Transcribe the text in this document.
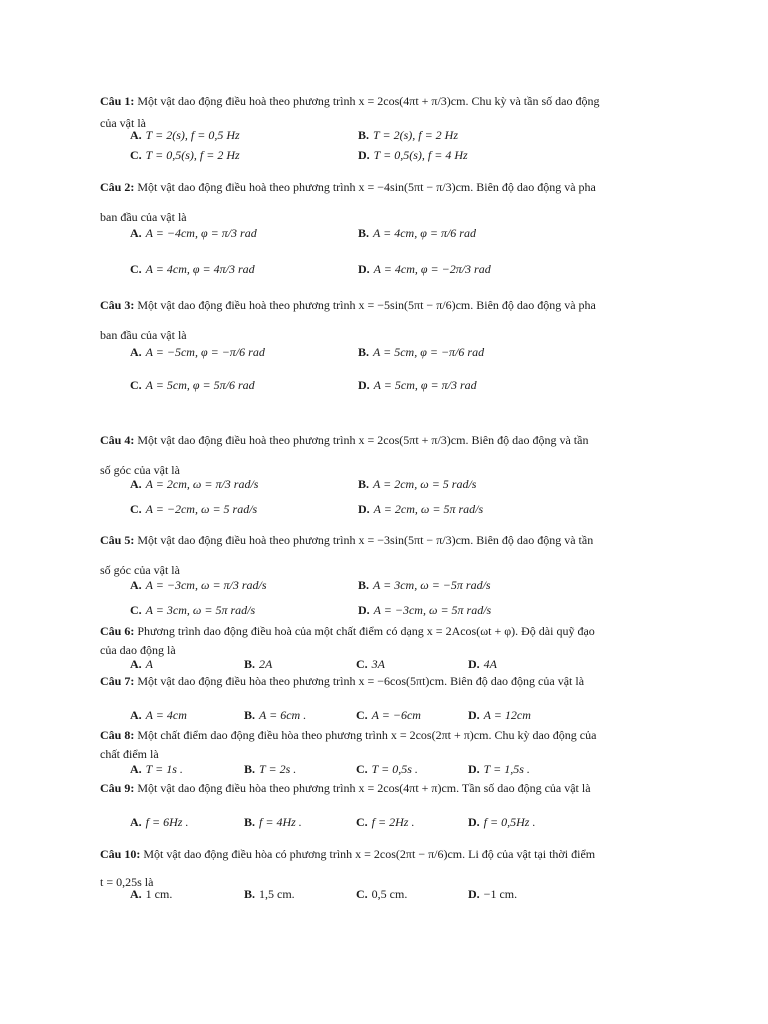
Câu 1: Một vật dao động điều hoà theo phương trình x = 2cos(4πt + π/3)cm. Chu kỳ và tần số dao động của vật là
A. T = 2(s), f = 0,5 Hz	B. T = 2(s), f = 2 Hz
C. T = 0,5(s), f = 2 Hz	D. T = 0,5(s), f = 4 Hz
Câu 2: Một vật dao động điều hoà theo phương trình x = −4sin(5πt − π/3)cm. Biên độ dao động và pha ban đầu của vật là
A. A = −4cm, φ = π/3 rad	B. A = 4cm, φ = π/6 rad
C. A = 4cm, φ = 4π/3 rad	D. A = 4cm, φ = −2π/3 rad
Câu 3: Một vật dao động điều hoà theo phương trình x = −5sin(5πt − π/6)cm. Biên độ dao động và pha ban đầu của vật là
A. A = −5cm, φ = −π/6 rad	B. A = 5cm, φ = −π/6 rad
C. A = 5cm, φ = 5π/6 rad	D. A = 5cm, φ = π/3 rad
Câu 4: Một vật dao động điều hoà theo phương trình x = 2cos(5πt + π/3)cm. Biên độ dao động và tần số góc của vật là
A. A = 2cm, ω = π/3 rad/s	B. A = 2cm, ω = 5 rad/s
C. A = −2cm, ω = 5 rad/s	D. A = 2cm, ω = 5π rad/s
Câu 5: Một vật dao động điều hoà theo phương trình x = −3sin(5πt − π/3)cm. Biên độ dao động và tần số góc của vật là
A. A = −3cm, ω = π/3 rad/s	B. A = 3cm, ω = −5π rad/s
C. A = 3cm, ω = 5π rad/s	D. A = −3cm, ω = 5π rad/s
Câu 6: Phương trình dao động điều hoà của một chất điểm có dạng x = 2Acos(ωt + φ). Độ dài quỹ đạo của dao động là
A. A	B. 2A	C. 3A	D. 4A
Câu 7: Một vật dao động điều hòa theo phương trình x = −6cos(5πt)cm. Biên độ dao động của vật là
A. A = 4cm	B. A = 6cm .	C. A = −6cm	D. A = 12cm
Câu 8: Một chất điểm dao động điều hòa theo phương trình x = 2cos(2πt + π)cm. Chu kỳ dao động của chất điểm là
A. T = 1s .	B. T = 2s .	C. T = 0,5s .	D. T = 1,5s .
Câu 9: Một vật dao động điều hòa theo phương trình x = 2cos(4πt + π)cm. Tần số dao động của vật là
A. f = 6Hz .	B. f = 4Hz .	C. f = 2Hz .	D. f = 0,5Hz .
Câu 10: Một vật dao động điều hòa có phương trình x = 2cos(2πt − π/6)cm. Li độ của vật tại thời điểm t = 0,25s là
A. 1 cm.	B. 1,5 cm.	C. 0,5 cm.	D. −1 cm.
